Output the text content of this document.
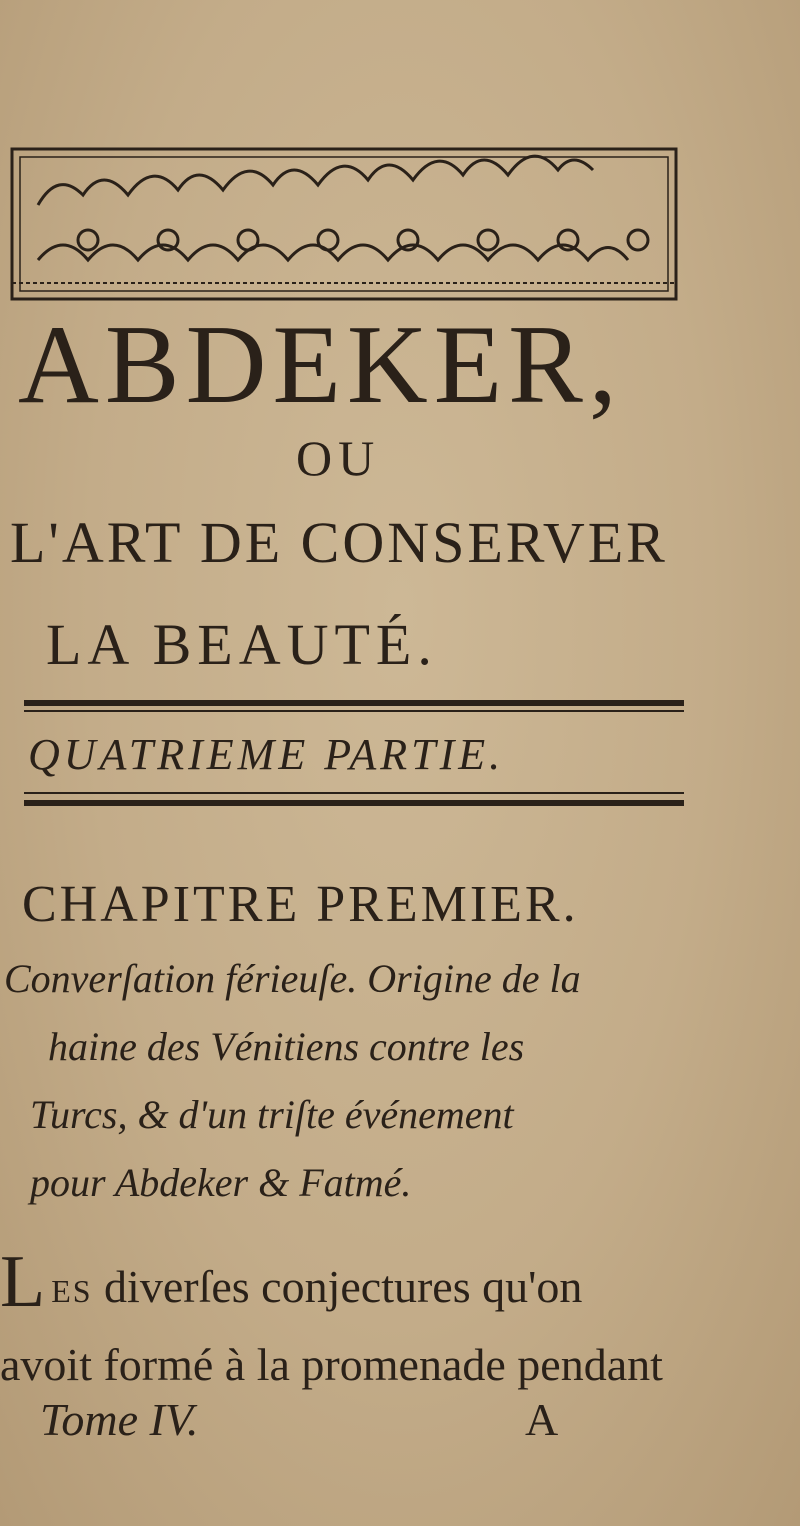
ABDEKER,
OU
L'ART DE CONSERVER
LA BEAUTÉ.
QUATRIEME PARTIE.
CHAPITRE PREMIER.
Converſation férieuſe. Origine de la
haine des Vénitiens contre les
Turcs, & d'un triſte événement
pour Abdeker & Fatmé.
LES diverſes conjectures qu'on
avoit formé à la promenade pendant
Tome IV.	A
